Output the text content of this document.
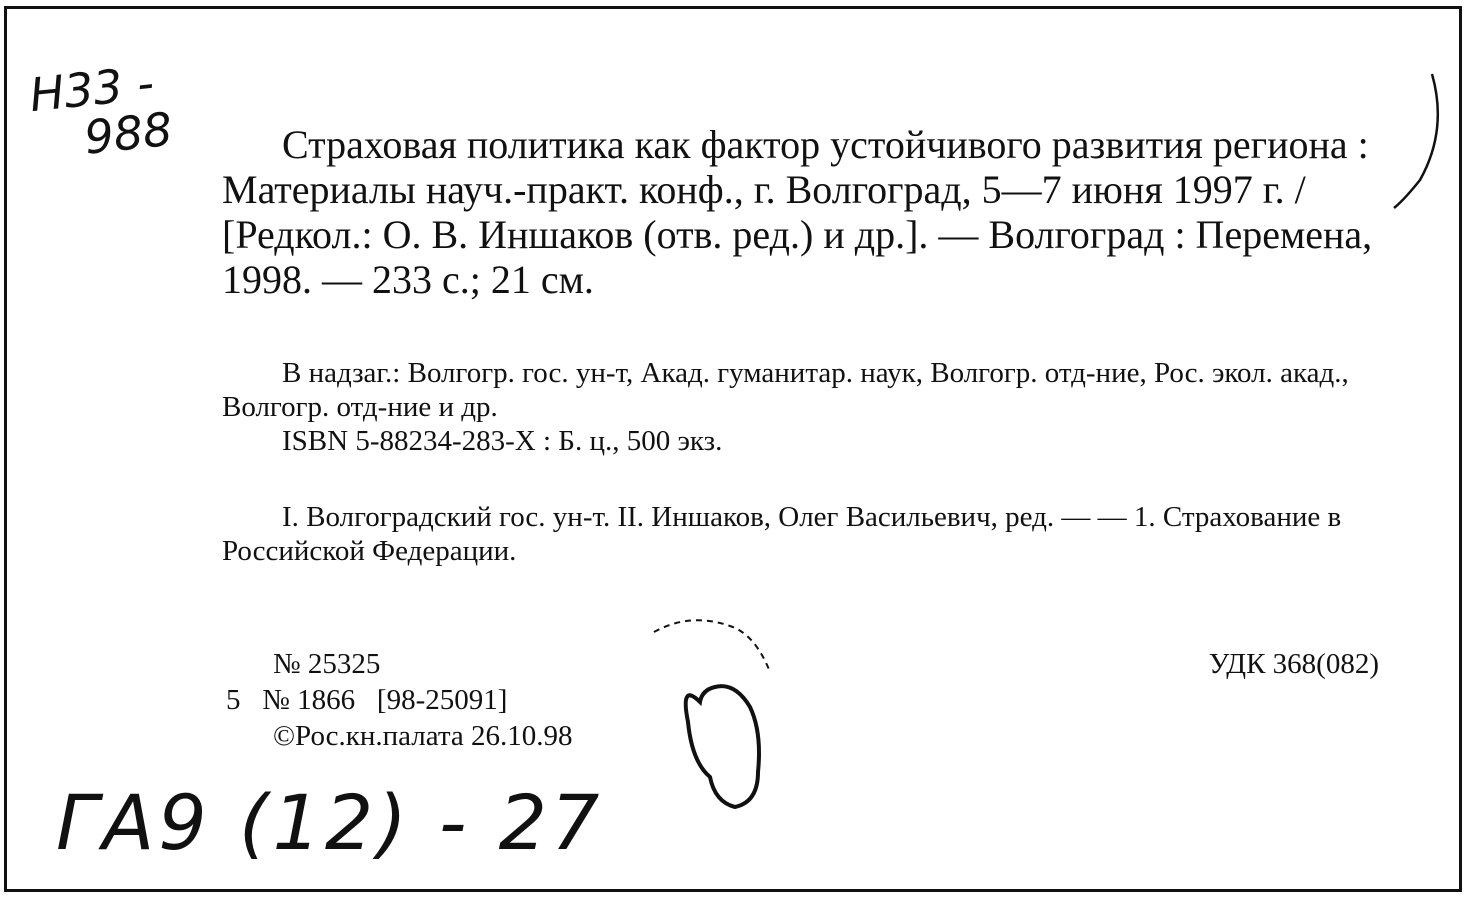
Н33 -
988	Страховая политика как фактор устойчивого развития региона : Материалы науч.-практ. конф., г. Волгоград, 5—7 июня 1997 г. / [Редкол.: О. В. Иншаков (отв. ред.) и др.]. — Волгоград : Перемена, 1998. — 233 с.; 21 см.

В надзаг.: Волгогр. гос. ун-т, Акад. гуманитар. наук, Волгогр. отд-ние, Рос. экол. акад., Волгогр. отд-ние и др.

ISBN 5-88234-283-X : Б. ц., 500 экз.

I. Волгоградский гос. ун-т. II. Иншаков, Олег Васильевич, ред. — — 1. Страхование в Российской Федерации.

№ 25325
5 № 1866   [98-25091]
©Рос.кн.палата 26.10.98
УДК 368(082)
ГА9 (12) - 27
